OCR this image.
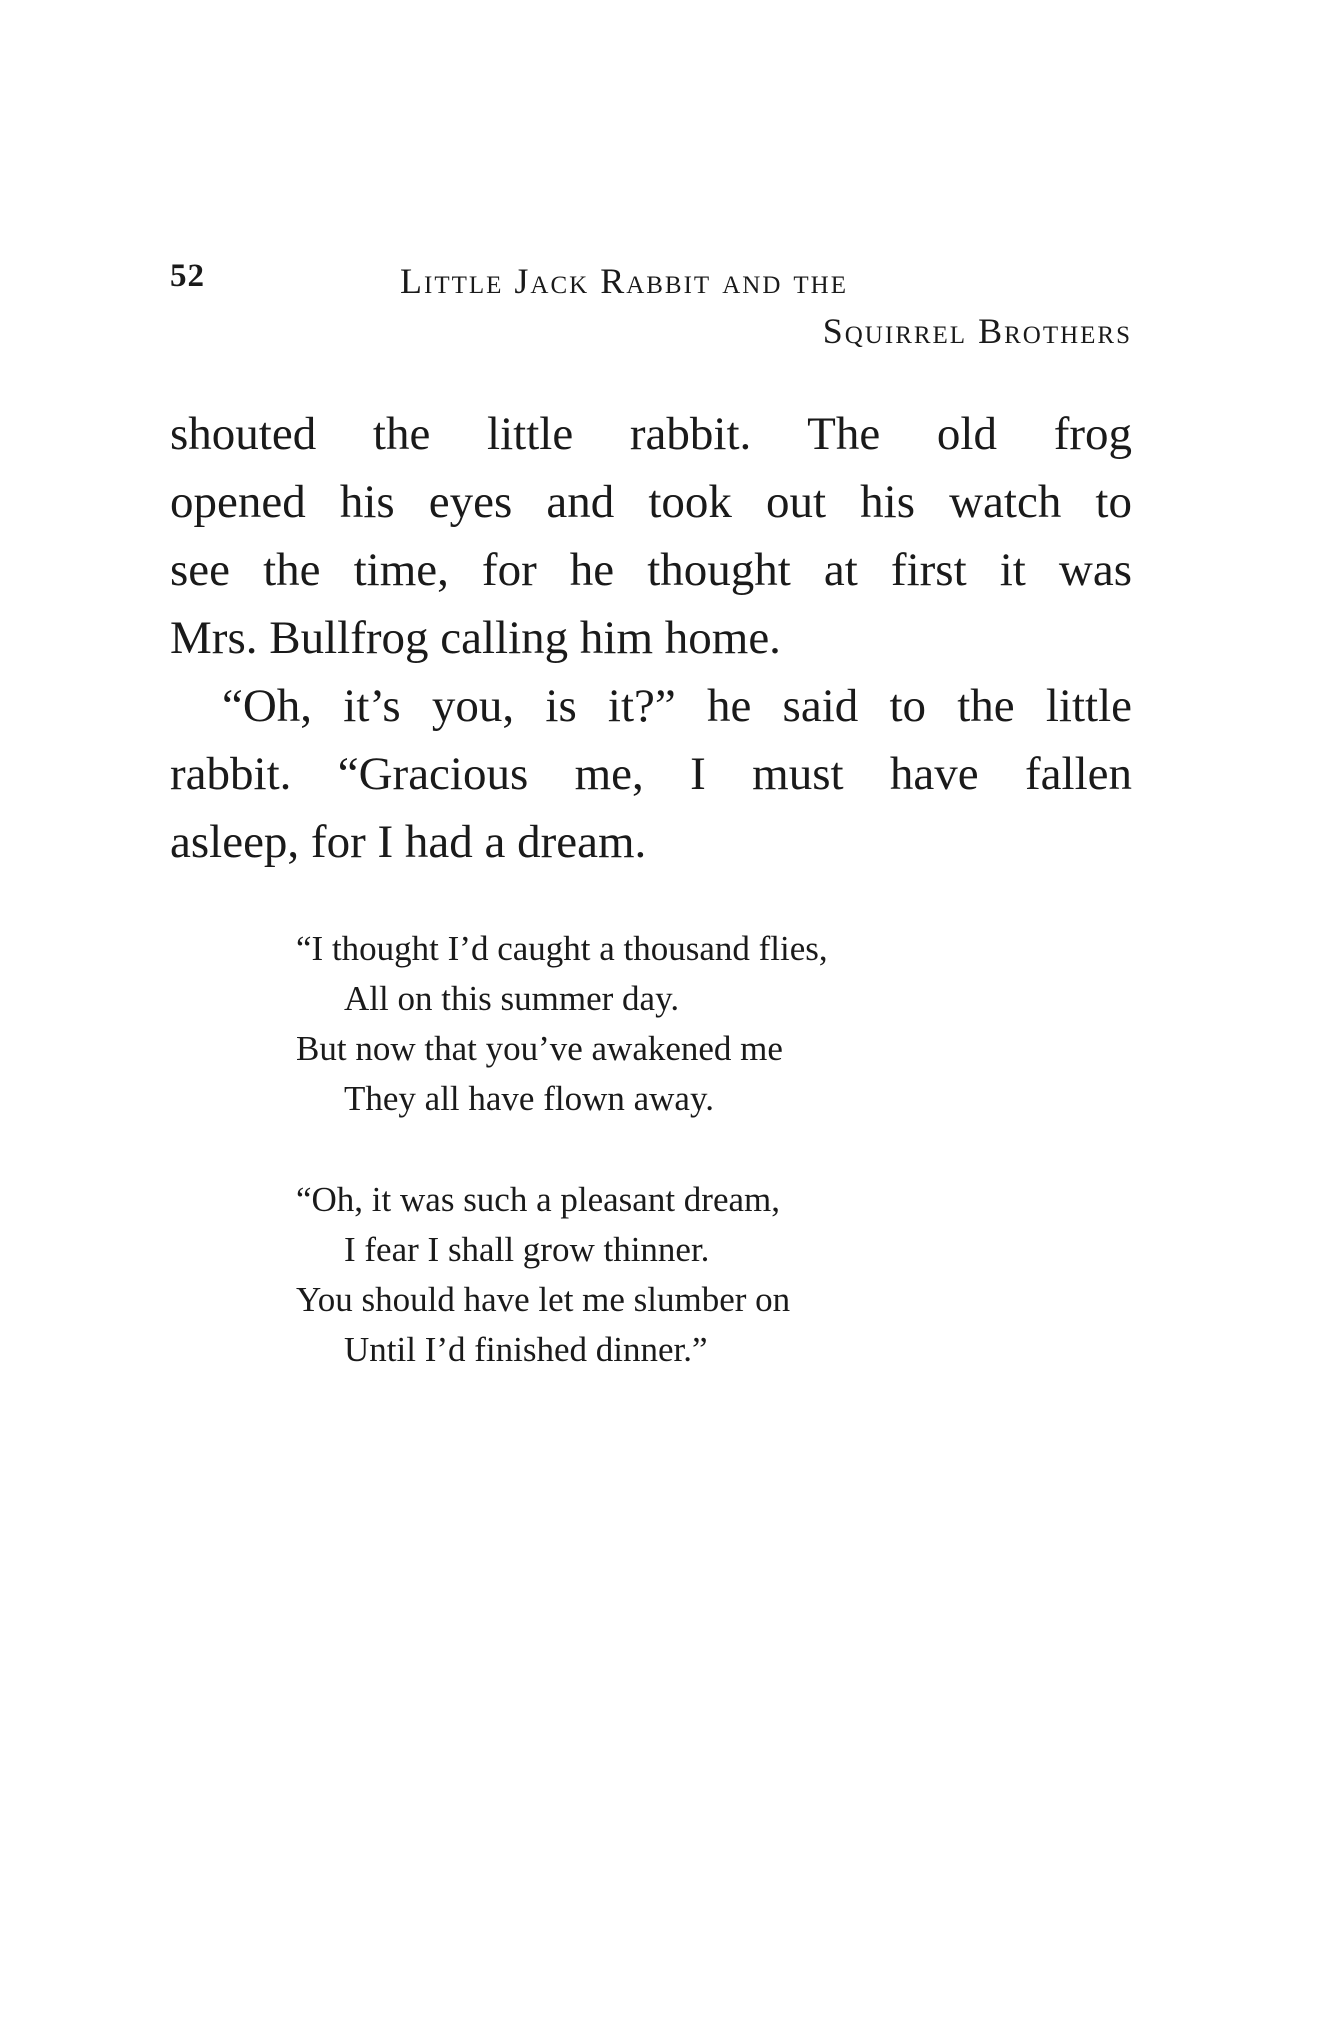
52	Little Jack Rabbit and the
Squirrel Brothers
shouted the little rabbit. The old frog
opened his eyes and took out his watch to
see the time, for he thought at first it was
Mrs. Bullfrog calling him home.
“Oh, it’s you, is it?” he said to the little
rabbit. “Gracious me, I must have fallen
asleep, for I had a dream.
“I thought I’d caught a thousand flies,
All on this summer day.
But now that you’ve awakened me
They all have flown away.
“Oh, it was such a pleasant dream,
I fear I shall grow thinner.
You should have let me slumber on
Until I’d finished dinner.”
